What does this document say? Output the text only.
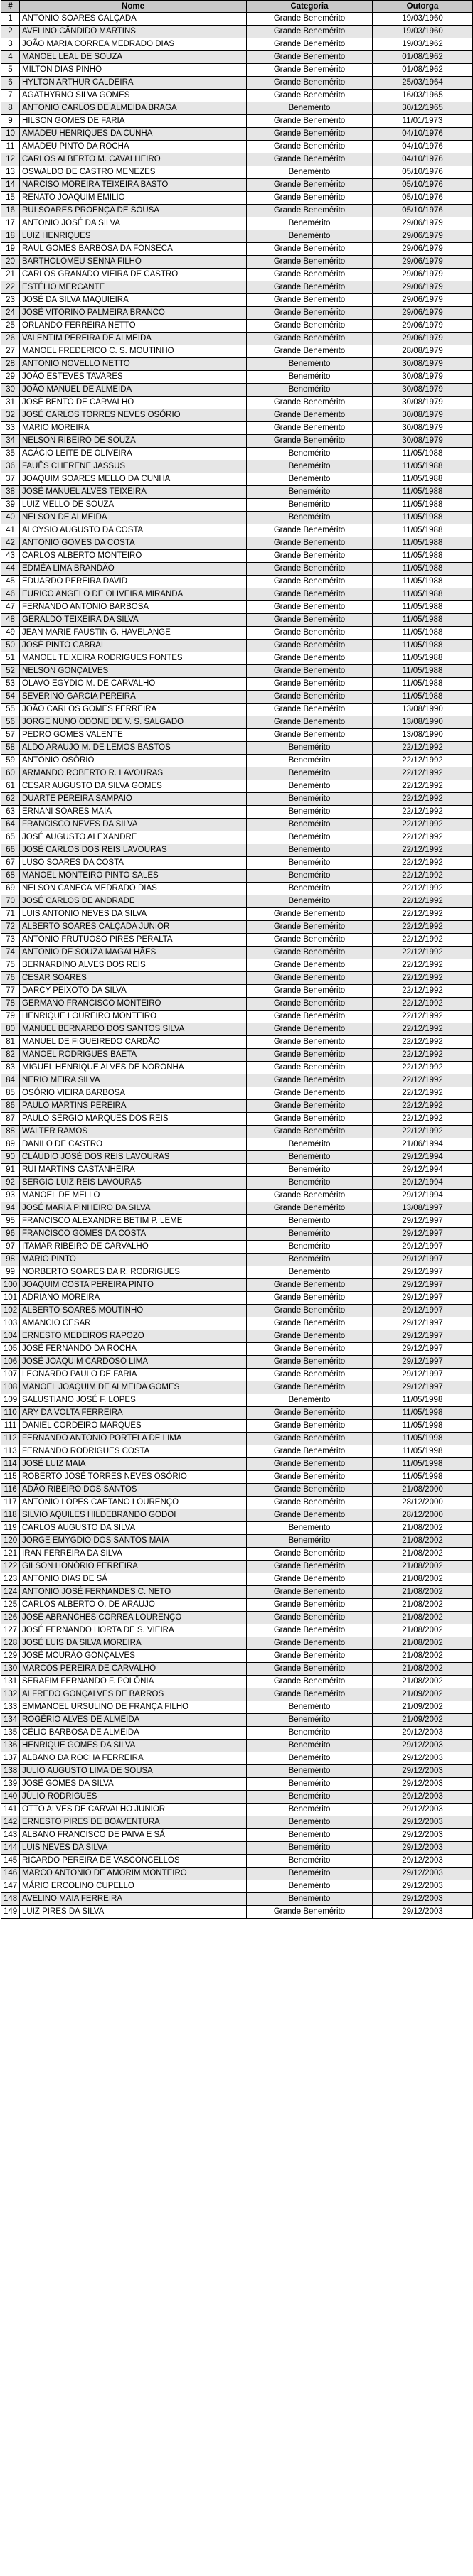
#	Nome	Categoria	Outorga
1	ANTONIO SOARES CALÇADA	Grande Benemérito	19/03/1960
2	AVELINO CÂNDIDO MARTINS	Grande Benemérito	19/03/1960
3	JOÃO MARIA CORREA MEDRADO DIAS	Grande Benemérito	19/03/1962
4	MANOEL LEAL DE SOUZA	Grande Benemérito	01/08/1962
5	MILTON DIAS PINHO	Grande Benemérito	01/08/1962
6	HYLTON ARTHUR CALDEIRA	Grande Benemérito	25/03/1964
7	AGATHYRNO SILVA GOMES	Grande Benemérito	16/03/1965
8	ANTONIO CARLOS DE ALMEIDA BRAGA	Benemérito	30/12/1965
9	HILSON GOMES DE FARIA	Grande Benemérito	11/01/1973
10	AMADEU HENRIQUES DA CUNHA	Grande Benemérito	04/10/1976
11	AMADEU PINTO DA ROCHA	Grande Benemérito	04/10/1976
12	CARLOS ALBERTO M. CAVALHEIRO	Grande Benemérito	04/10/1976
13	OSWALDO DE CASTRO MENEZES	Benemérito	05/10/1976
14	NARCISO MOREIRA TEIXEIRA BASTO	Grande Benemérito	05/10/1976
15	RENATO JOAQUIM EMILIO	Grande Benemérito	05/10/1976
16	RUI SOARES PROENÇA DE SOUSA	Grande Benemérito	05/10/1976
17	ANTONIO JOSÉ DA SILVA	Benemérito	29/06/1979
18	LUIZ HENRIQUES	Benemérito	29/06/1979
19	RAUL GOMES BARBOSA DA FONSECA	Grande Benemérito	29/06/1979
20	BARTHOLOMEU SENNA FILHO	Grande Benemérito	29/06/1979
21	CARLOS GRANADO VIEIRA DE CASTRO	Grande Benemérito	29/06/1979
22	ESTÉLIO MERCANTE	Grande Benemérito	29/06/1979
23	JOSÉ DA SILVA MAQUIEIRA	Grande Benemérito	29/06/1979
24	JOSÉ VITORINO PALMEIRA BRANCO	Grande Benemérito	29/06/1979
25	ORLANDO FERREIRA NETTO	Grande Benemérito	29/06/1979
26	VALENTIM PEREIRA DE ALMEIDA	Grande Benemérito	29/06/1979
27	MANOEL FREDERICO C. S. MOUTINHO	Grande Benemérito	28/08/1979
28	ANTONIO NOVELLO NETTO	Benemérito	30/08/1979
29	JOÃO ESTEVES TAVARES	Benemérito	30/08/1979
30	JOÃO MANUEL DE ALMEIDA	Benemérito	30/08/1979
31	JOSÉ BENTO DE CARVALHO	Grande Benemérito	30/08/1979
32	JOSÉ CARLOS TORRES NEVES OSÓRIO	Grande Benemérito	30/08/1979
33	MARIO MOREIRA	Grande Benemérito	30/08/1979
34	NELSON RIBEIRO DE SOUZA	Grande Benemérito	30/08/1979
35	ACÁCIO LEITE DE OLIVEIRA	Benemérito	11/05/1988
36	FAUÊS CHERENE JASSUS	Benemérito	11/05/1988
37	JOAQUIM SOARES MELLO DA CUNHA	Benemérito	11/05/1988
38	JOSÉ MANUEL ALVES TEIXEIRA	Benemérito	11/05/1988
39	LUIZ MELLO DE SOUZA	Benemérito	11/05/1988
40	NELSON DE ALMEIDA	Benemérito	11/05/1988
41	ALOYSIO AUGUSTO DA COSTA	Grande Benemérito	11/05/1988
42	ANTONIO GOMES DA COSTA	Grande Benemérito	11/05/1988
43	CARLOS ALBERTO MONTEIRO	Grande Benemérito	11/05/1988
44	EDMÉA LIMA BRANDÃO	Grande Benemérito	11/05/1988
45	EDUARDO PEREIRA DAVID	Grande Benemérito	11/05/1988
46	EURICO ANGELO DE OLIVEIRA MIRANDA	Grande Benemérito	11/05/1988
47	FERNANDO ANTONIO BARBOSA	Grande Benemérito	11/05/1988
48	GERALDO TEIXEIRA DA SILVA	Grande Benemérito	11/05/1988
49	JEAN MARIE FAUSTIN G. HAVELANGE	Grande Benemérito	11/05/1988
50	JOSÉ PINTO CABRAL	Grande Benemérito	11/05/1988
51	MANOEL TEIXEIRA RODRIGUES FONTES	Grande Benemérito	11/05/1988
52	NELSON GONÇALVES	Grande Benemérito	11/05/1988
53	OLAVO EGYDIO M. DE CARVALHO	Grande Benemérito	11/05/1988
54	SEVERINO GARCIA PEREIRA	Grande Benemérito	11/05/1988
55	JOÃO CARLOS GOMES FERREIRA	Grande Benemérito	13/08/1990
56	JORGE NUNO ODONE DE V. S. SALGADO	Grande Benemérito	13/08/1990
57	PEDRO GOMES VALENTE	Grande Benemérito	13/08/1990
58	ALDO ARAUJO M. DE LEMOS BASTOS	Benemérito	22/12/1992
59	ANTONIO OSÓRIO	Benemérito	22/12/1992
60	ARMANDO ROBERTO R. LAVOURAS	Benemérito	22/12/1992
61	CESAR AUGUSTO DA SILVA GOMES	Benemérito	22/12/1992
62	DUARTE PEREIRA SAMPAIO	Benemérito	22/12/1992
63	ERNANI SOARES MAIA	Benemérito	22/12/1992
64	FRANCISCO NEVES DA SILVA	Benemérito	22/12/1992
65	JOSÉ AUGUSTO ALEXANDRE	Benemérito	22/12/1992
66	JOSÉ CARLOS DOS REIS LAVOURAS	Benemérito	22/12/1992
67	LUSO SOARES DA COSTA	Benemérito	22/12/1992
68	MANOEL MONTEIRO PINTO SALES	Benemérito	22/12/1992
69	NELSON CANECA MEDRADO DIAS	Benemérito	22/12/1992
70	JOSÉ CARLOS DE ANDRADE	Benemérito	22/12/1992
71	LUIS ANTONIO NEVES DA SILVA	Grande Benemérito	22/12/1992
72	ALBERTO SOARES CALÇADA JUNIOR	Grande Benemérito	22/12/1992
73	ANTONIO FRUTUOSO PIRES PERALTA	Grande Benemérito	22/12/1992
74	ANTONIO DE SOUZA MAGALHÃES	Grande Benemérito	22/12/1992
75	BERNARDINO ALVES DOS REIS	Grande Benemérito	22/12/1992
76	CESAR SOARES	Grande Benemérito	22/12/1992
77	DARCY PEIXOTO DA SILVA	Grande Benemérito	22/12/1992
78	GERMANO FRANCISCO MONTEIRO	Grande Benemérito	22/12/1992
79	HENRIQUE LOUREIRO MONTEIRO	Grande Benemérito	22/12/1992
80	MANUEL BERNARDO DOS SANTOS SILVA	Grande Benemérito	22/12/1992
81	MANUEL DE FIGUEIREDO CARDÃO	Grande Benemérito	22/12/1992
82	MANOEL RODRIGUES BAETA	Grande Benemérito	22/12/1992
83	MIGUEL HENRIQUE ALVES DE NORONHA	Grande Benemérito	22/12/1992
84	NERIO MEIRA SILVA	Grande Benemérito	22/12/1992
85	OSÓRIO VIEIRA BARBOSA	Grande Benemérito	22/12/1992
86	PAULO MARTINS PEREIRA	Grande Benemérito	22/12/1992
87	PAULO SÉRGIO MARQUES DOS REIS	Grande Benemérito	22/12/1992
88	WALTER RAMOS	Grande Benemérito	22/12/1992
89	DANILO DE CASTRO	Benemérito	21/06/1994
90	CLÁUDIO JOSÉ DOS REIS LAVOURAS	Benemérito	29/12/1994
91	RUI MARTINS CASTANHEIRA	Benemérito	29/12/1994
92	SERGIO LUIZ REIS LAVOURAS	Benemérito	29/12/1994
93	MANOEL DE MELLO	Grande Benemérito	29/12/1994
94	JOSÉ MARIA PINHEIRO DA SILVA	Grande Benemérito	13/08/1997
95	FRANCISCO ALEXANDRE BETIM P. LEME	Benemérito	29/12/1997
96	FRANCISCO GOMES DA COSTA	Benemérito	29/12/1997
97	ITAMAR RIBEIRO DE CARVALHO	Benemérito	29/12/1997
98	MARIO PINTO	Benemérito	29/12/1997
99	NORBERTO SOARES DA R. RODRIGUES	Benemérito	29/12/1997
100	JOAQUIM COSTA PEREIRA PINTO	Grande Benemérito	29/12/1997
101	ADRIANO MOREIRA	Grande Benemérito	29/12/1997
102	ALBERTO SOARES MOUTINHO	Grande Benemérito	29/12/1997
103	AMANCIO CESAR	Grande Benemérito	29/12/1997
104	ERNESTO MEDEIROS RAPOZO	Grande Benemérito	29/12/1997
105	JOSÉ FERNANDO DA ROCHA	Grande Benemérito	29/12/1997
106	JOSÉ JOAQUIM CARDOSO LIMA	Grande Benemérito	29/12/1997
107	LEONARDO PAULO DE FARIA	Grande Benemérito	29/12/1997
108	MANOEL JOAQUIM DE ALMEIDA GOMES	Grande Benemérito	29/12/1997
109	SALUSTIANO JOSÉ F. LOPES	Benemérito	11/05/1998
110	ARY DA VOLTA FERREIRA	Grande Benemérito	11/05/1998
111	DANIEL CORDEIRO MARQUES	Grande Benemérito	11/05/1998
112	FERNANDO ANTONIO PORTELA DE LIMA	Grande Benemérito	11/05/1998
113	FERNANDO RODRIGUES COSTA	Grande Benemérito	11/05/1998
114	JOSÉ LUIZ MAIA	Grande Benemérito	11/05/1998
115	ROBERTO JOSÉ TORRES NEVES OSÓRIO	Grande Benemérito	11/05/1998
116	ADÃO RIBEIRO DOS SANTOS	Grande Benemérito	21/08/2000
117	ANTONIO LOPES CAETANO LOURENÇO	Grande Benemérito	28/12/2000
118	SILVIO AQUILES HILDEBRANDO GODOI	Grande Benemérito	28/12/2000
119	CARLOS AUGUSTO DA SILVA	Benemérito	21/08/2002
120	JORGE EMYGDIO DOS SANTOS MAIA	Benemérito	21/08/2002
121	IRAN FERREIRA DA SILVA	Grande Benemérito	21/08/2002
122	GILSON HONÓRIO FERREIRA	Grande Benemérito	21/08/2002
123	ANTONIO DIAS DE SÁ	Grande Benemérito	21/08/2002
124	ANTONIO JOSÉ FERNANDES C. NETO	Grande Benemérito	21/08/2002
125	CARLOS ALBERTO O. DE ARAUJO	Grande Benemérito	21/08/2002
126	JOSÉ ABRANCHES CORREA LOURENÇO	Grande Benemérito	21/08/2002
127	JOSÉ FERNANDO HORTA DE S. VIEIRA	Grande Benemérito	21/08/2002
128	JOSÉ LUIS DA SILVA MOREIRA	Grande Benemérito	21/08/2002
129	JOSÉ MOURÃO GONÇALVES	Grande Benemérito	21/08/2002
130	MARCOS PEREIRA DE CARVALHO	Grande Benemérito	21/08/2002
131	SERAFIM FERNANDO F. POLÔNIA	Grande Benemérito	21/08/2002
132	ALFREDO GONÇALVES DE BARROS	Grande Benemérito	21/09/2002
133	EMMANOEL URSULINO DE FRANÇA FILHO	Benemérito	21/09/2002
134	ROGÉRIO ALVES DE ALMEIDA	Benemérito	21/09/2002
135	CÉLIO BARBOSA DE ALMEIDA	Benemérito	29/12/2003
136	HENRIQUE GOMES DA SILVA	Benemérito	29/12/2003
137	ALBANO DA ROCHA FERREIRA	Benemérito	29/12/2003
138	JULIO AUGUSTO LIMA DE SOUSA	Benemérito	29/12/2003
139	JOSÉ GOMES DA SILVA	Benemérito	29/12/2003
140	JÚLIO RODRIGUES	Benemérito	29/12/2003
141	OTTO ALVES DE CARVALHO JUNIOR	Benemérito	29/12/2003
142	ERNESTO PIRES DE BOAVENTURA	Benemérito	29/12/2003
143	ALBANO FRANCISCO DE PAIVA E SÁ	Benemérito	29/12/2003
144	LUIS NEVES DA SILVA	Benemérito	29/12/2003
145	RICARDO PEREIRA DE VASCONCELLOS	Benemérito	29/12/2003
146	MARCO ANTONIO DE AMORIM MONTEIRO	Benemérito	29/12/2003
147	MÁRIO ERCOLINO CUPELLO	Benemérito	29/12/2003
148	AVELINO MAIA FERREIRA	Benemérito	29/12/2003
149	LUIZ PIRES DA SILVA	Grande Benemérito	29/12/2003
